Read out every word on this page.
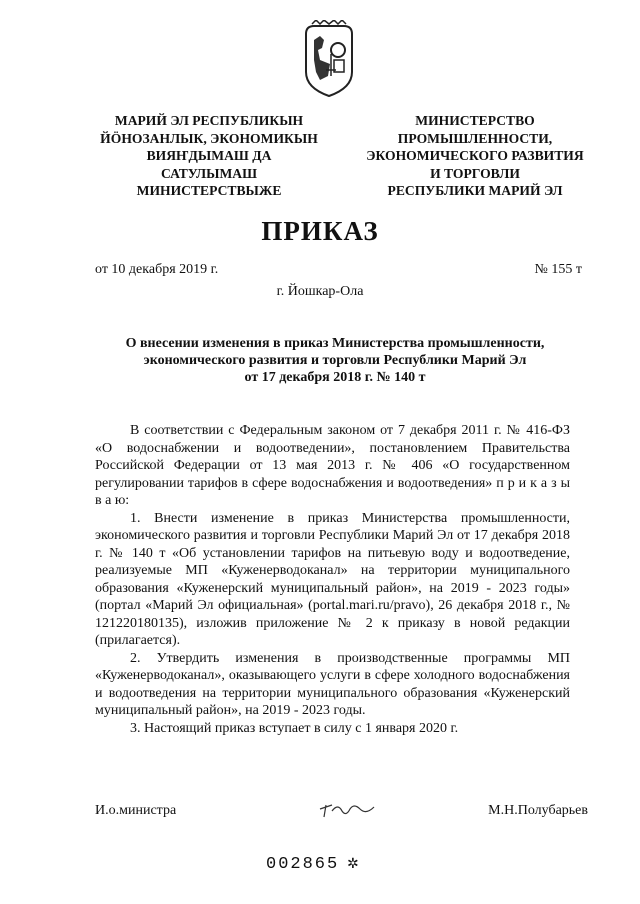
МАРИЙ ЭЛ РЕСПУБЛИКЫН
ЙÖНОЗАНЛЫК, ЭКОНОМИКЫН
ВИЯҤДЫМАШ ДА
САТУЛЫМАШ
МИНИСТЕРСТВЫЖЕ
МИНИСТЕРСТВО
ПРОМЫШЛЕННОСТИ,
ЭКОНОМИЧЕСКОГО РАЗВИТИЯ
И ТОРГОВЛИ
РЕСПУБЛИКИ МАРИЙ ЭЛ
ПРИКАЗ
от 10 декабря 2019 г.	№ 155 т
г. Йошкар-Ола
О внесении изменения в приказ Министерства промышленности,
экономического развития и торговли Республики Марий Эл
от 17 декабря 2018 г. № 140 т

В соответствии с Федеральным законом от 7 декабря 2011 г. № 416-ФЗ «О водоснабжении и водоотведении», постановлением Правительства Российской Федерации от 13 мая 2013 г. № 406 «О государственном регулировании тарифов в сфере водоснабжения и водоотведения» п р и к а з ы в а ю:

1. Внести изменение в приказ Министерства промышленности, экономического развития и торговли Республики Марий Эл от 17 декабря 2018 г. № 140 т «Об установлении тарифов на питьевую воду и водоотведение, реализуемые МП «Куженерводоканал» на территории муниципального образования «Куженерский муниципальный район», на 2019 - 2023 годы» (портал «Марий Эл официальная» (portal.mari.ru/pravo), 26 декабря 2018 г., № 121220180135), изложив приложение № 2 к приказу в новой редакции (прилагается).

2. Утвердить изменения в производственные программы МП «Куженерводоканал», оказывающего услуги в сфере холодного водоснабжения и водоотведения на территории муниципального образования «Куженерский муниципальный район», на 2019 - 2023 годы.

3. Настоящий приказ вступает в силу с 1 января 2020 г.

И.о.министра	М.Н.Полубарьев
002865 ✲
